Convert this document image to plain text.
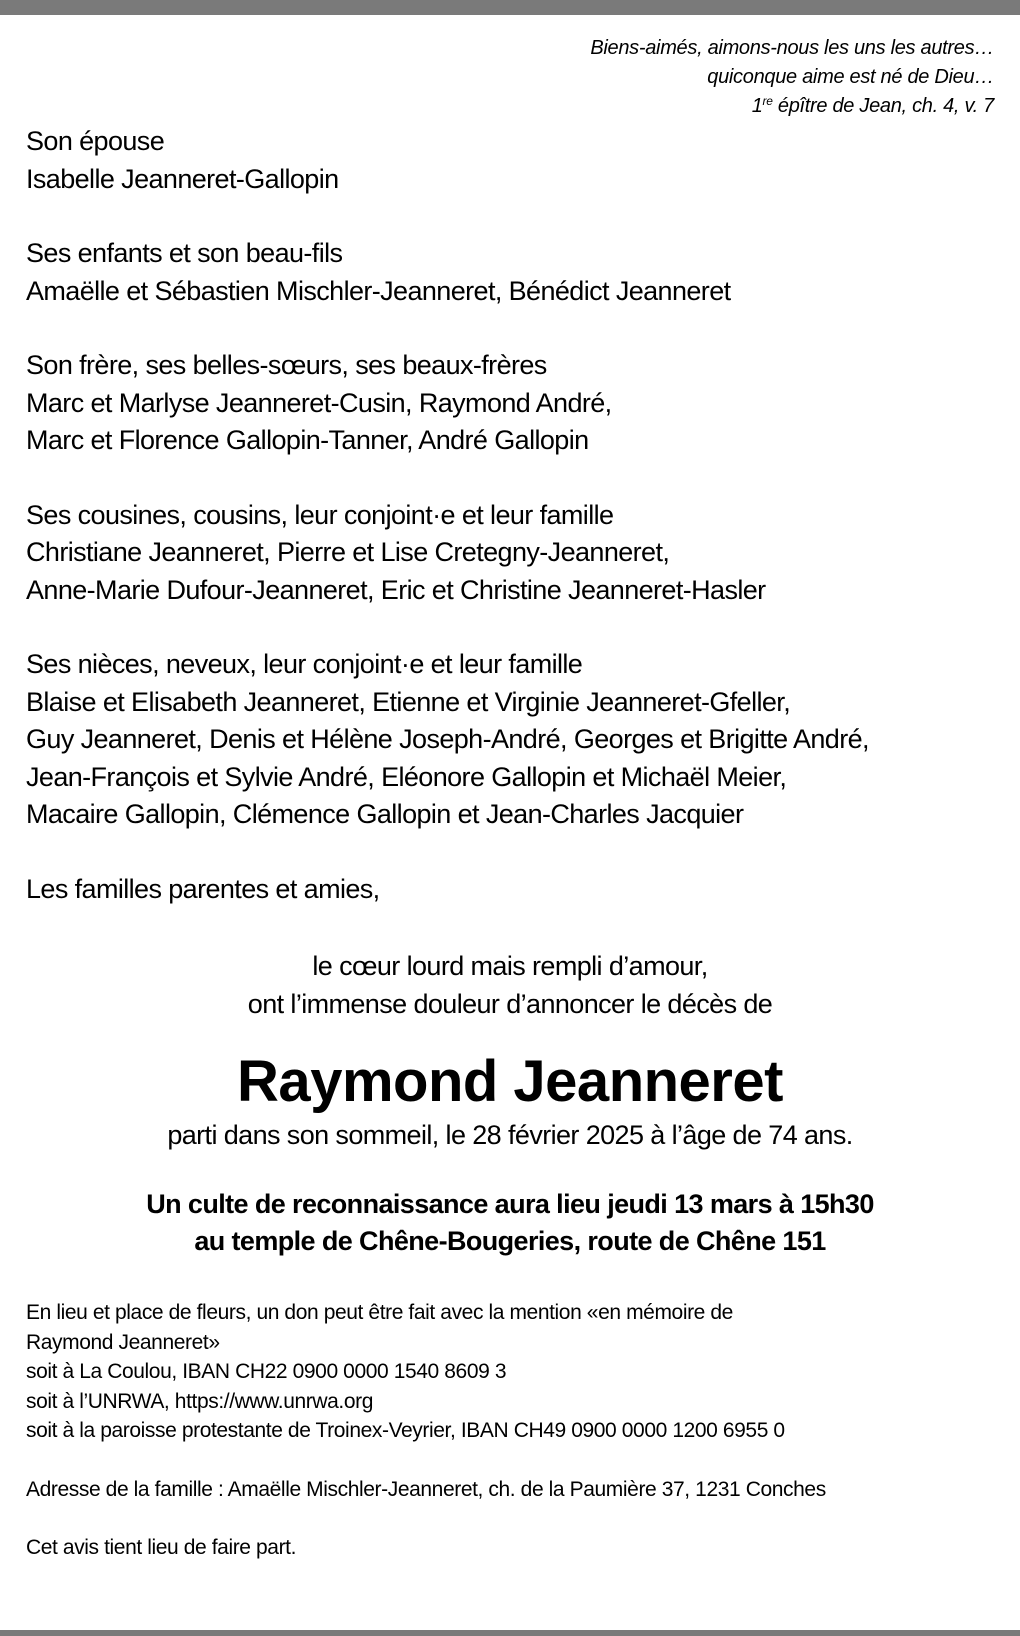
Biens-aimés, aimons-nous les uns les autres…
quiconque aime est né de Dieu…
1re épître de Jean, ch. 4, v. 7
Son épouse
Isabelle Jeanneret-Gallopin
Ses enfants et son beau-fils
Amaëlle et Sébastien Mischler-Jeanneret, Bénédict Jeanneret
Son frère, ses belles-sœurs, ses beaux-frères
Marc et Marlyse Jeanneret-Cusin, Raymond André,
Marc et Florence Gallopin-Tanner, André Gallopin
Ses cousines, cousins, leur conjoint·e et leur famille
Christiane Jeanneret, Pierre et Lise Cretegny-Jeanneret,
Anne-Marie Dufour-Jeanneret, Eric et Christine Jeanneret-Hasler
Ses nièces, neveux, leur conjoint·e et leur famille
Blaise et Elisabeth Jeanneret, Etienne et Virginie Jeanneret-Gfeller,
Guy Jeanneret, Denis et Hélène Joseph-André, Georges et Brigitte André,
Jean-François et Sylvie André, Eléonore Gallopin et Michaël Meier,
Macaire Gallopin, Clémence Gallopin et Jean-Charles Jacquier
Les familles parentes et amies,
le cœur lourd mais rempli d’amour,
ont l’immense douleur d’annoncer le décès de
Raymond Jeanneret
parti dans son sommeil, le 28 février 2025 à l’âge de 74 ans.
Un culte de reconnaissance aura lieu jeudi 13 mars à 15h30
au temple de Chêne-Bougeries, route de Chêne 151
En lieu et place de fleurs, un don peut être fait avec la mention «en mémoire de
Raymond Jeanneret»
soit à La Coulou, IBAN CH22 0900 0000 1540 8609 3
soit à l’UNRWA, https://www.unrwa.org
soit à la paroisse protestante de Troinex-Veyrier, IBAN CH49 0900 0000 1200 6955 0
Adresse de la famille : Amaëlle Mischler-Jeanneret, ch. de la Paumière 37, 1231 Conches
Cet avis tient lieu de faire part.
